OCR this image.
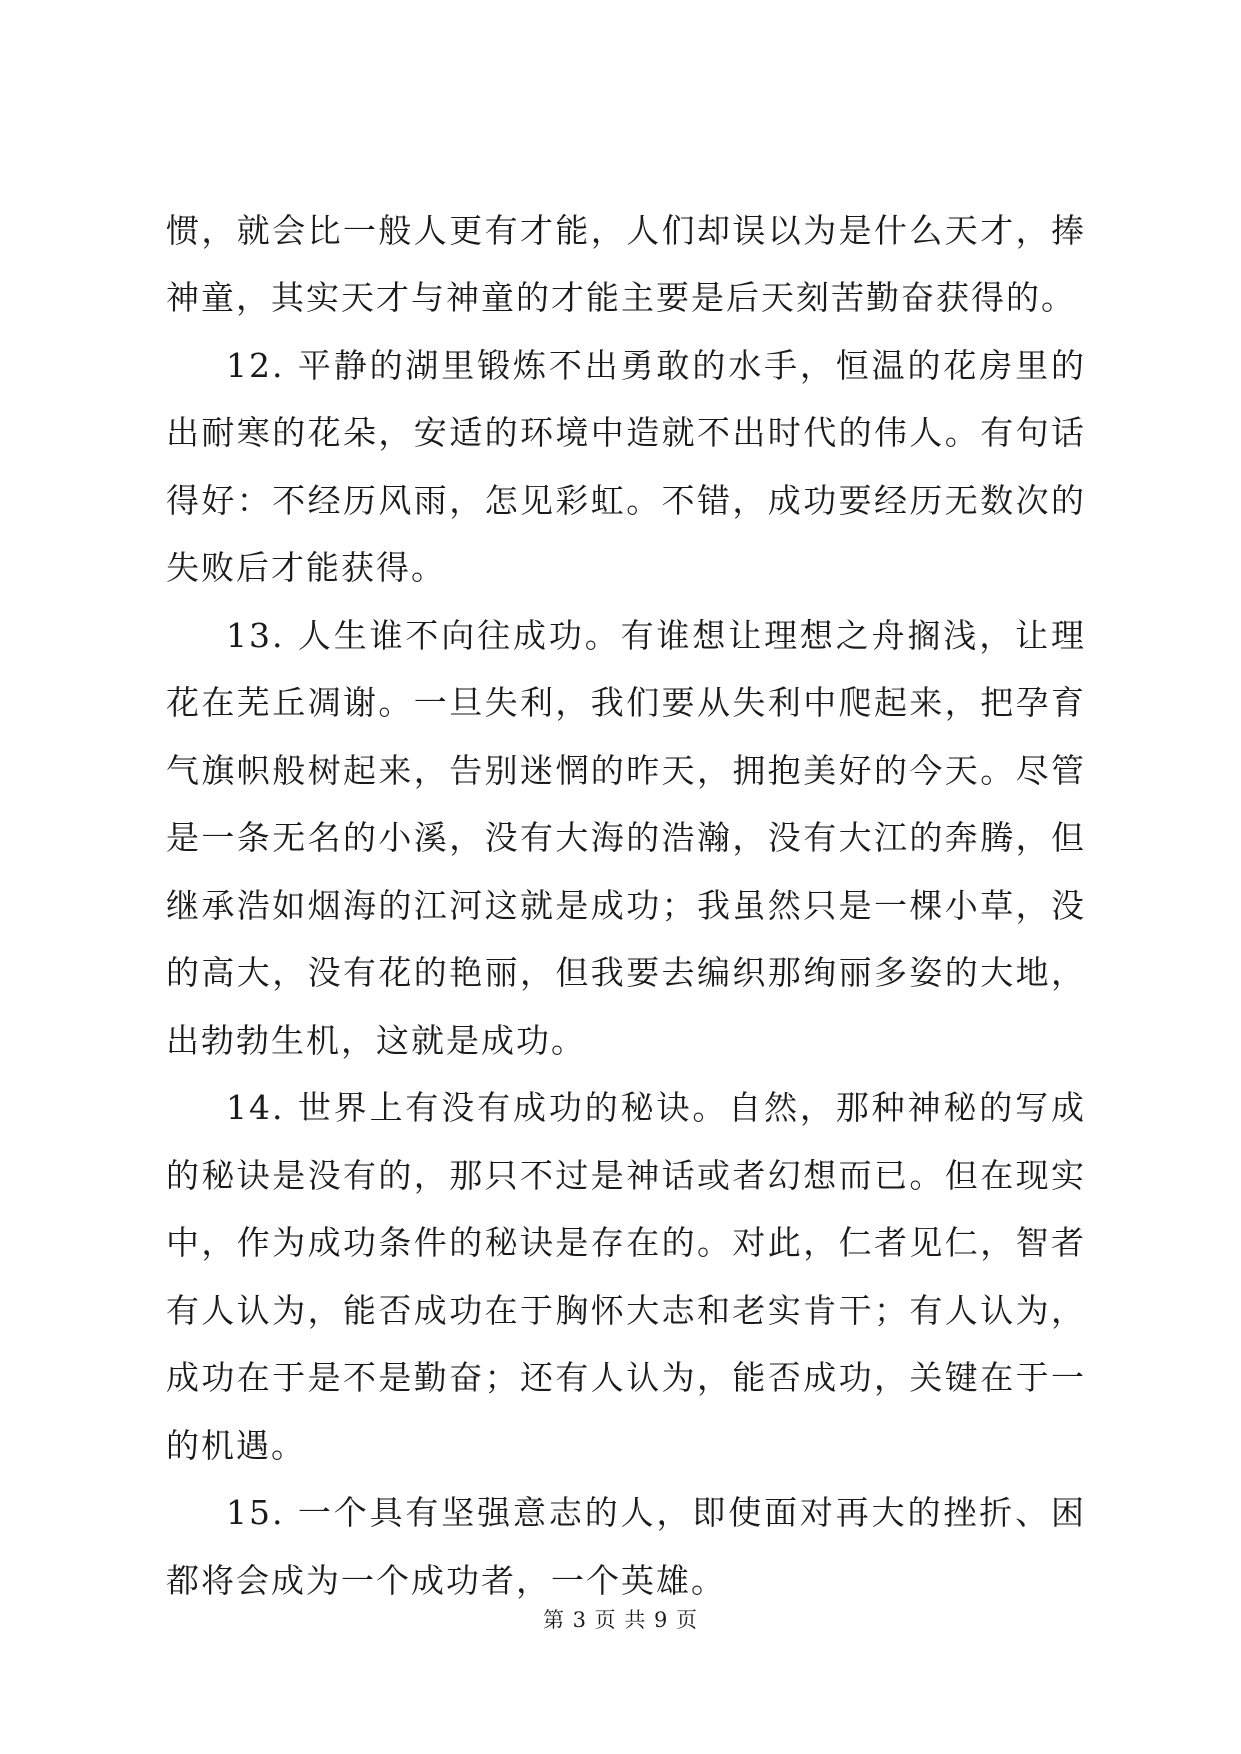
惯，就会比一般人更有才能，人们却误以为是什么天才，捧
神童，其实天才与神童的才能主要是后天刻苦勤奋获得的。
12. 平静的湖里锻炼不出勇敢的水手，恒温的花房里的
出耐寒的花朵，安适的环境中造就不出时代的伟人。有句话
得好：不经历风雨，怎见彩虹。不错，成功要经历无数次的
失败后才能获得。
13. 人生谁不向往成功。有谁想让理想之舟搁浅，让理
花在芜丘凋谢。一旦失利，我们要从失利中爬起来，把孕育
气旗帜般树起来，告别迷惘的昨天，拥抱美好的今天。尽管
是一条无名的小溪，没有大海的浩瀚，没有大江的奔腾，但
继承浩如烟海的江河这就是成功；我虽然只是一棵小草，没
的高大，没有花的艳丽，但我要去编织那绚丽多姿的大地，
出勃勃生机，这就是成功。
14. 世界上有没有成功的秘诀。自然，那种神秘的写成
的秘诀是没有的，那只不过是神话或者幻想而已。但在现实
中，作为成功条件的秘诀是存在的。对此，仁者见仁，智者
有人认为，能否成功在于胸怀大志和老实肯干；有人认为，
成功在于是不是勤奋；还有人认为，能否成功，关键在于一
的机遇。
15. 一个具有坚强意志的人，即使面对再大的挫折、困
都将会成为一个成功者，一个英雄。
第 3 页 共 9 页
